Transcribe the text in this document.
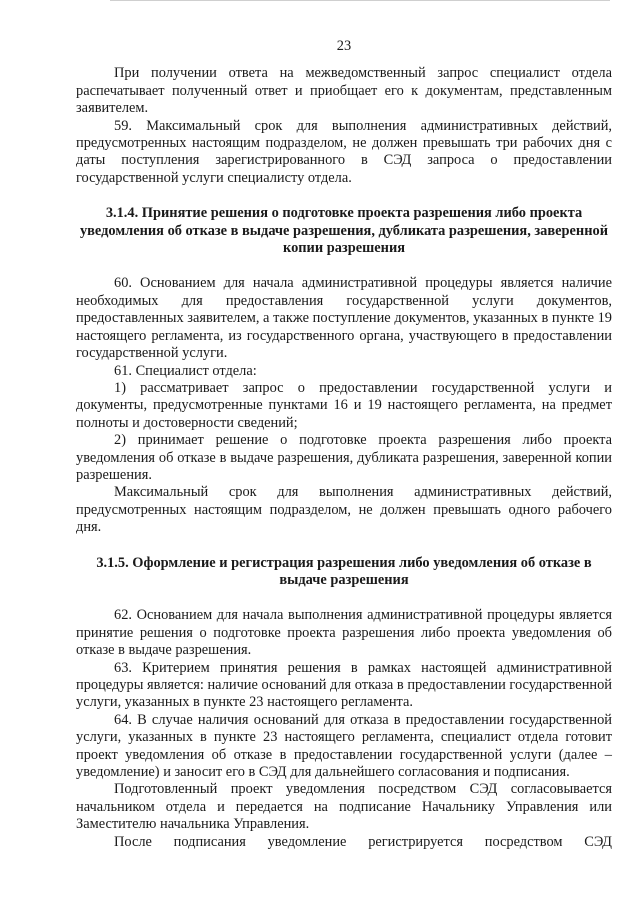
23

При получении ответа на межведомственный запрос специалист отдела распечатывает полученный ответ и приобщает его к документам, представленным заявителем.

59. Максимальный срок для выполнения административных действий, предусмотренных настоящим подразделом, не должен превышать три рабочих дня с даты поступления зарегистрированного в СЭД запроса о предоставлении государственной услуги специалисту отдела.

3.1.4. Принятие решения о подготовке проекта разрешения либо проекта уведомления об отказе в выдаче разрешения, дубликата разрешения, заверенной копии разрешения

60. Основанием для начала административной процедуры является наличие необходимых для предоставления государственной услуги документов, предоставленных заявителем, а также поступление документов, указанных в пункте 19 настоящего регламента, из государственного органа, участвующего в предоставлении государственной услуги.

61. Специалист отдела:

1) рассматривает запрос о предоставлении государственной услуги и документы, предусмотренные пунктами 16 и 19 настоящего регламента, на предмет полноты и достоверности сведений;

2) принимает решение о подготовке проекта разрешения либо проекта уведомления об отказе в выдаче разрешения, дубликата разрешения, заверенной копии разрешения.

Максимальный срок для выполнения административных действий, предусмотренных настоящим подразделом, не должен превышать одного рабочего дня.

3.1.5. Оформление и регистрация разрешения либо уведомления об отказе в выдаче разрешения

62. Основанием для начала выполнения административной процедуры является принятие решения о подготовке проекта разрешения либо проекта уведомления об отказе в выдаче разрешения.

63. Критерием принятия решения в рамках настоящей административной процедуры является: наличие оснований для отказа в предоставлении государственной услуги, указанных в пункте 23 настоящего регламента.

64. В случае наличия оснований для отказа в предоставлении государственной услуги, указанных в пункте 23 настоящего регламента, специалист отдела готовит проект уведомления об отказе в предоставлении государственной услуги (далее –уведомление) и заносит его в СЭД для дальнейшего согласования и подписания.

Подготовленный проект уведомления посредством СЭД согласовывается начальником отдела и передается на подписание Начальнику Управления или Заместителю начальника Управления.

После подписания уведомление регистрируется посредством СЭД
